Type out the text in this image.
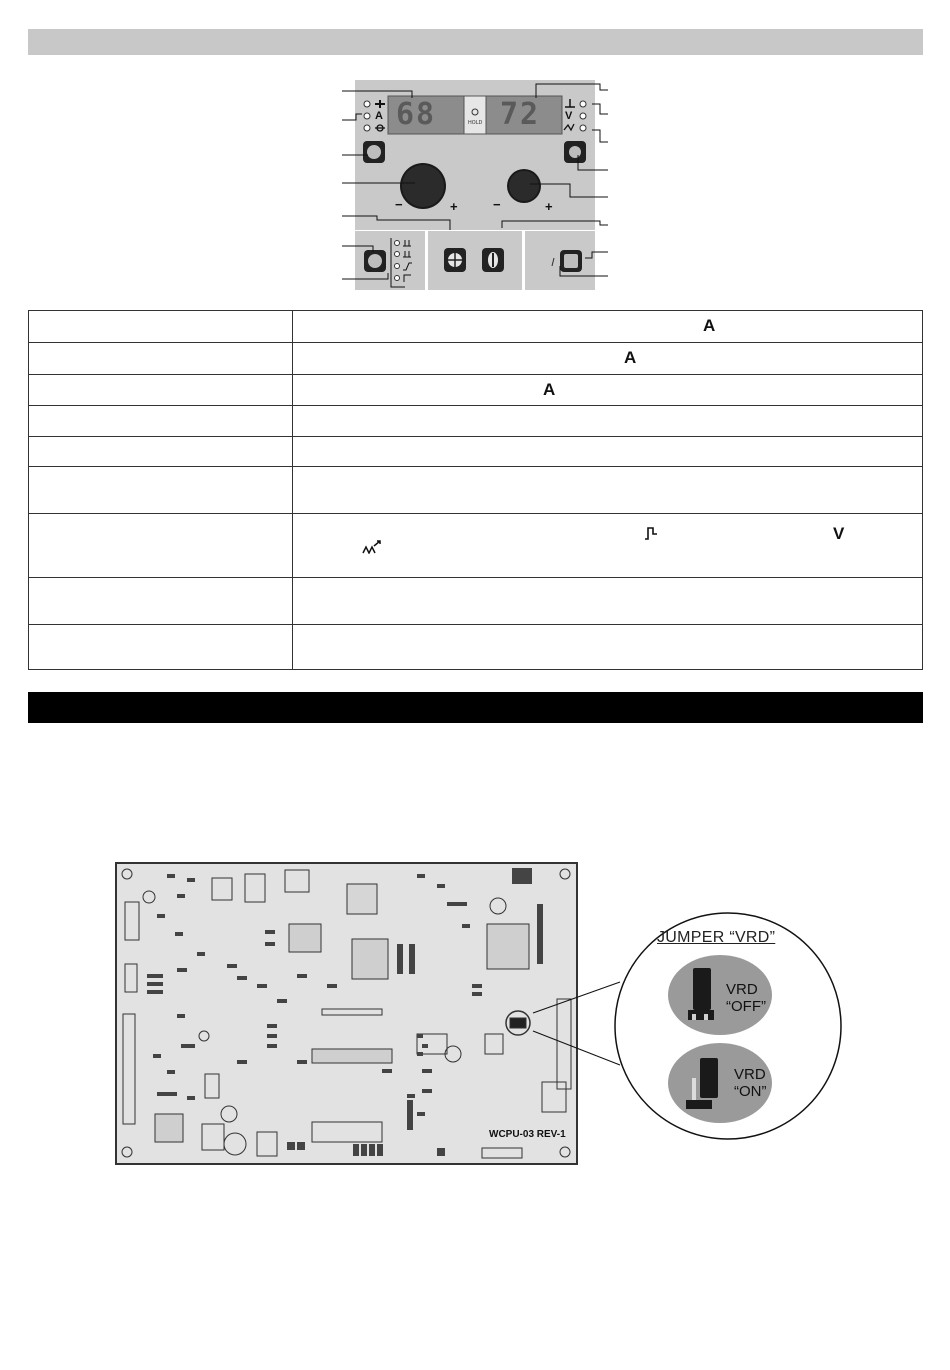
68 72
HOLD
A	V
−	+	−	+

	A

	A

	A

	V

WCPU-03 REV-1
JUMPER “VRD”
VRD
“OFF”
VRD
“ON”
